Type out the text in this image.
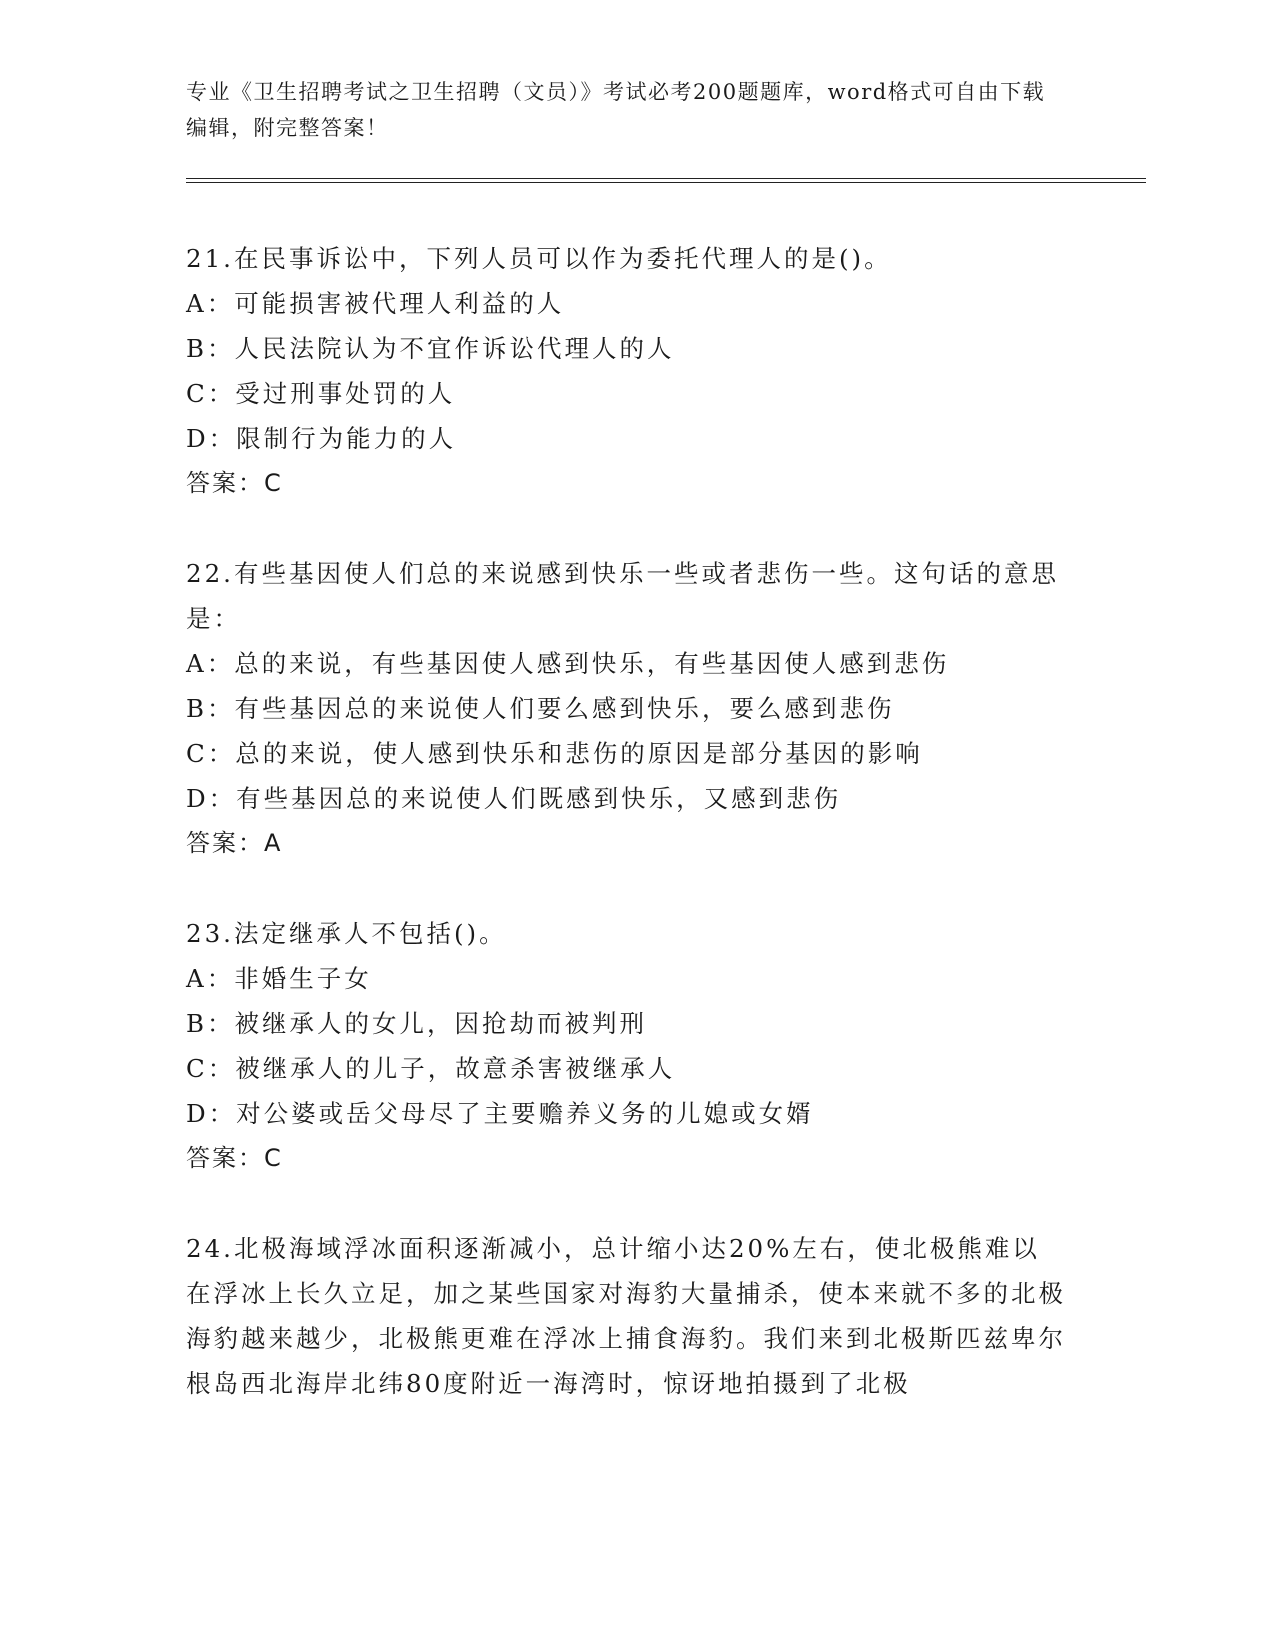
专业《卫生招聘考试之卫生招聘（文员）》考试必考200题题库，word格式可自由下载编辑，附完整答案！
21.在民事诉讼中，下列人员可以作为委托代理人的是()。
A：可能损害被代理人利益的人
B：人民法院认为不宜作诉讼代理人的人
C：受过刑事处罚的人
D：限制行为能力的人
答案：C
22.有些基因使人们总的来说感到快乐一些或者悲伤一些。这句话的意思是：
A：总的来说，有些基因使人感到快乐，有些基因使人感到悲伤
B：有些基因总的来说使人们要么感到快乐，要么感到悲伤
C：总的来说，使人感到快乐和悲伤的原因是部分基因的影响
D：有些基因总的来说使人们既感到快乐，又感到悲伤
答案：A
23.法定继承人不包括()。
A：非婚生子女
B：被继承人的女儿，因抢劫而被判刑
C：被继承人的儿子，故意杀害被继承人
D：对公婆或岳父母尽了主要赡养义务的儿媳或女婿
答案：C
24.北极海域浮冰面积逐渐减小，总计缩小达20%左右，使北极熊难以在浮冰上长久立足，加之某些国家对海豹大量捕杀，使本来就不多的北极海豹越来越少，北极熊更难在浮冰上捕食海豹。我们来到北极斯匹兹卑尔根岛西北海岸北纬80度附近一海湾时，惊讶地拍摄到了北极
